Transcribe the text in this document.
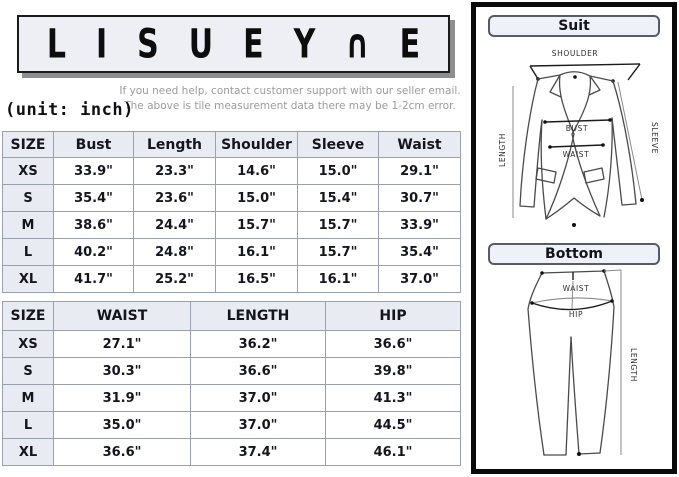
LISUEY∩E
If you need help, contact customer support with our seller email.
The above is tile measurement data there may be 1-2cm error.
(unit: inch)
SIZE	Bust	Length	Shoulder	Sleeve	Waist
XS	33.9"	23.3"	14.6"	15.0"	29.1"
S	35.4"	23.6"	15.0"	15.4"	30.7"
M	38.6"	24.4"	15.7"	15.7"	33.9"
L	40.2"	24.8"	16.1"	15.7"	35.4"
XL	41.7"	25.2"	16.5"	16.1"	37.0"
SIZE	WAIST	LENGTH	HIP
XS	27.1"	36.2"	36.6"
S	30.3"	36.6"	39.8"
M	31.9"	37.0"	41.3"
L	35.0"	37.0"	44.5"
XL	36.6"	37.4"	46.1"
Suit
SHOULDER
BUST
WAIST
LENGTH	SLEEVE
Bottom
WAIST
HIP
LENGTH
